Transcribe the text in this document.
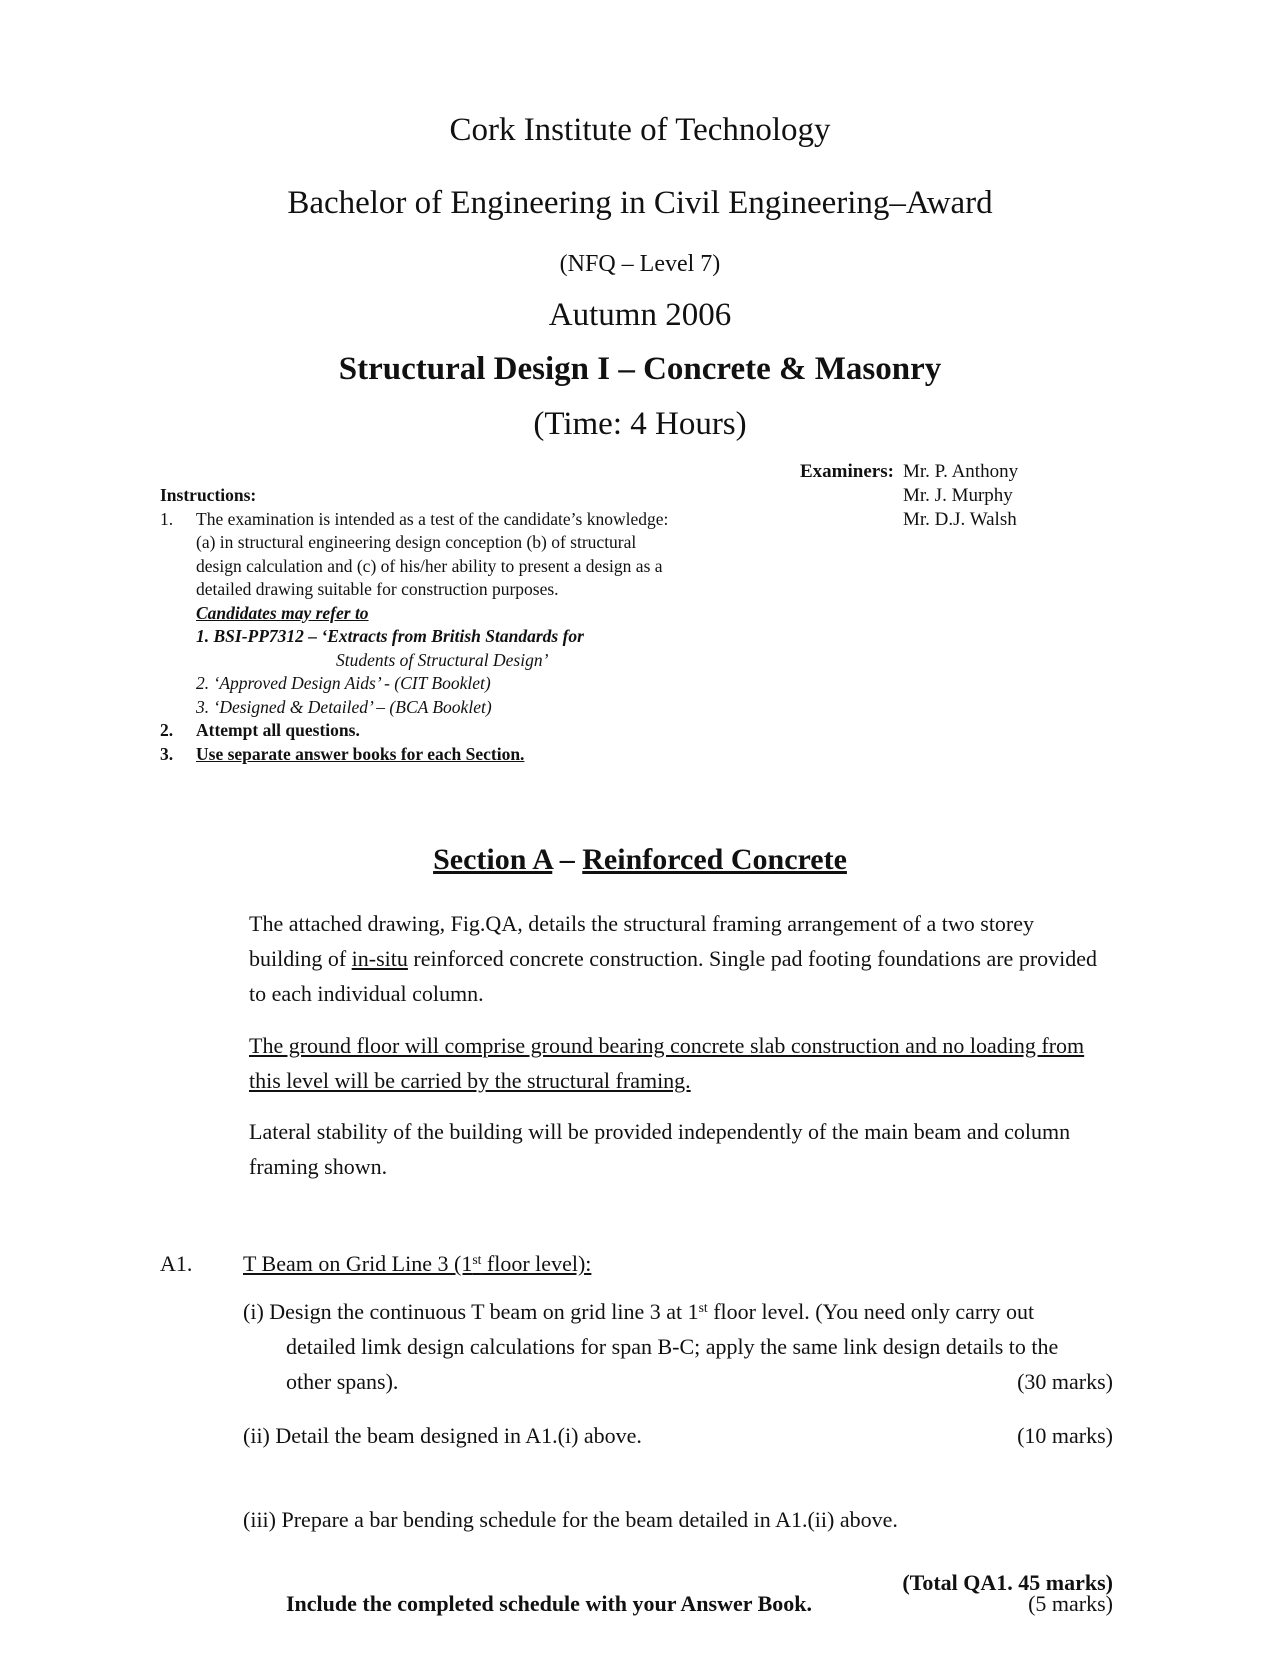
Cork Institute of Technology
Bachelor of Engineering in Civil Engineering–Award
(NFQ – Level 7)
Autumn 2006
Structural Design I – Concrete & Masonry
(Time: 4 Hours)
Examiners: Mr. P. Anthony
Mr. J. Murphy
Mr. D.J. Walsh
Instructions:
1. The examination is intended as a test of the candidate’s knowledge: (a) in structural engineering design conception (b) of structural design calculation and (c) of his/her ability to present a design as a detailed drawing suitable for construction purposes.
Candidates may refer to
1. BSI-PP7312 – ‘Extracts from British Standards for
Students of Structural Design’
2. ‘Approved Design Aids’ - (CIT Booklet)
3. ‘Designed & Detailed’ – (BCA Booklet)
2. Attempt all questions.
3. Use separate answer books for each Section.
Section A – Reinforced Concrete
The attached drawing, Fig.QA, details the structural framing arrangement of a two storey building of in-situ reinforced concrete construction. Single pad footing foundations are provided to each individual column.
The ground floor will comprise ground bearing concrete slab construction and no loading from this level will be carried by the structural framing.
Lateral stability of the building will be provided independently of the main beam and column framing shown.
A1. T Beam on Grid Line 3 (1st floor level):
(i) Design the continuous T beam on grid line 3 at 1st floor level. (You need only carry out
detailed limk design calculations for span B-C; apply the same link design details to the
other spans).	(30 marks)
(ii) Detail the beam designed in A1.(i) above.	(10 marks)
(iii) Prepare a bar bending schedule for the beam detailed in A1.(ii) above.
Include the completed schedule with your Answer Book.	(5 marks)
(Total QA1. 45 marks)
